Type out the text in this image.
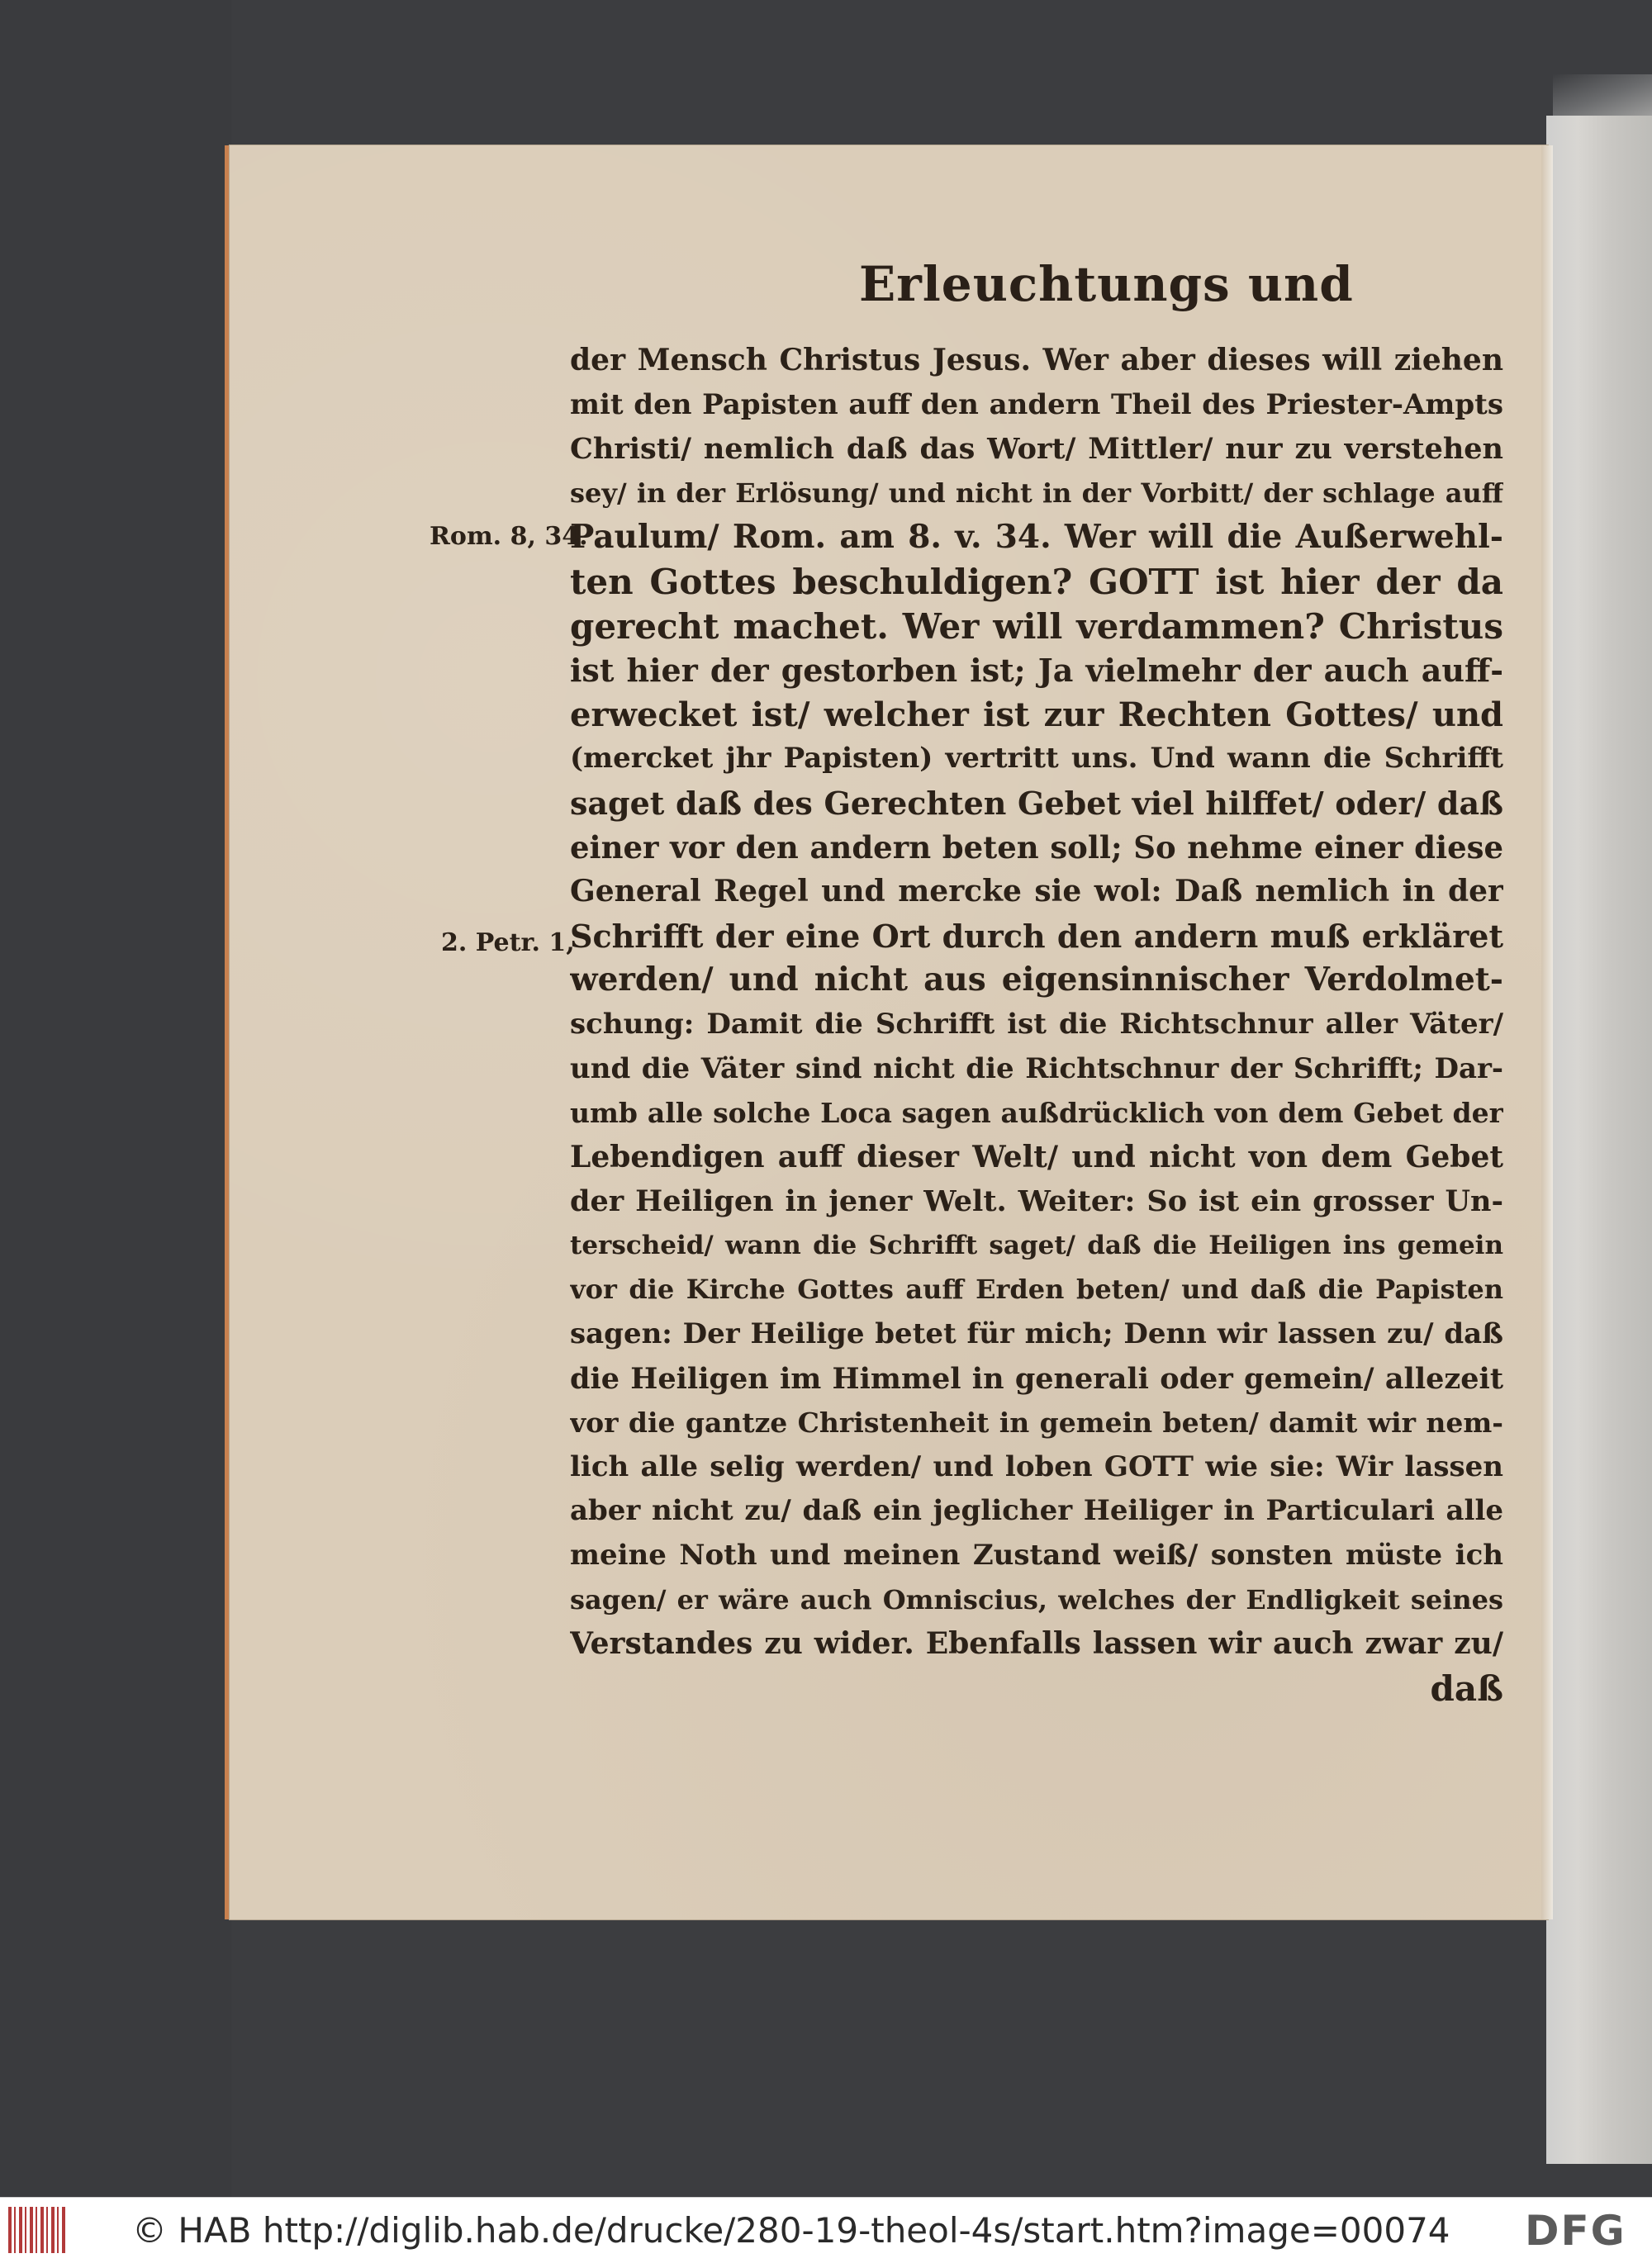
Erleuchtungs und
der Mensch Christus Jesus. Wer aber dieses will ziehen
mit den Papisten auff den andern Theil des Priester-Ampts
Christi/ nemlich daß das Wort/ Mittler/ nur zu verstehen
sey/ in der Erlösung/ und nicht in der Vorbitt/ der schlage auff
Paulum/ Rom. am 8. v. 34. Wer will die Außerwehl-
ten Gottes beschuldigen? GOTT ist hier der da
gerecht machet. Wer will verdammen? Christus
ist hier der gestorben ist; Ja vielmehr der auch auff-
erwecket ist/ welcher ist zur Rechten Gottes/ und
(mercket jhr Papisten) vertritt uns. Und wann die Schrifft
saget daß des Gerechten Gebet viel hilffet/ oder/ daß
einer vor den andern beten soll; So nehme einer diese
General Regel und mercke sie wol: Daß nemlich in der
Schrifft der eine Ort durch den andern muß erkläret
werden/ und nicht aus eigensinnischer Verdolmet-
schung: Damit die Schrifft ist die Richtschnur aller Väter/
und die Väter sind nicht die Richtschnur der Schrifft; Dar-
umb alle solche Loca sagen außdrücklich von dem Gebet der
Lebendigen auff dieser Welt/ und nicht von dem Gebet
der Heiligen in jener Welt. Weiter: So ist ein grosser Un-
terscheid/ wann die Schrifft saget/ daß die Heiligen ins gemein
vor die Kirche Gottes auff Erden beten/ und daß die Papisten
sagen: Der Heilige betet für mich; Denn wir lassen zu/ daß
die Heiligen im Himmel in generali oder gemein/ allezeit
vor die gantze Christenheit in gemein beten/ damit wir nem-
lich alle selig werden/ und loben GOTT wie sie: Wir lassen
aber nicht zu/ daß ein jeglicher Heiliger in Particulari alle
meine Noth und meinen Zustand weiß/ sonsten müste ich
sagen/ er wäre auch Omniscius, welches der Endligkeit seines
Verstandes zu wider. Ebenfalls lassen wir auch zwar zu/
daß
Rom. 8, 34.
2. Petr. 1,
© HAB http://diglib.hab.de/drucke/280-19-theol-4s/start.htm?image=00074 DFG
